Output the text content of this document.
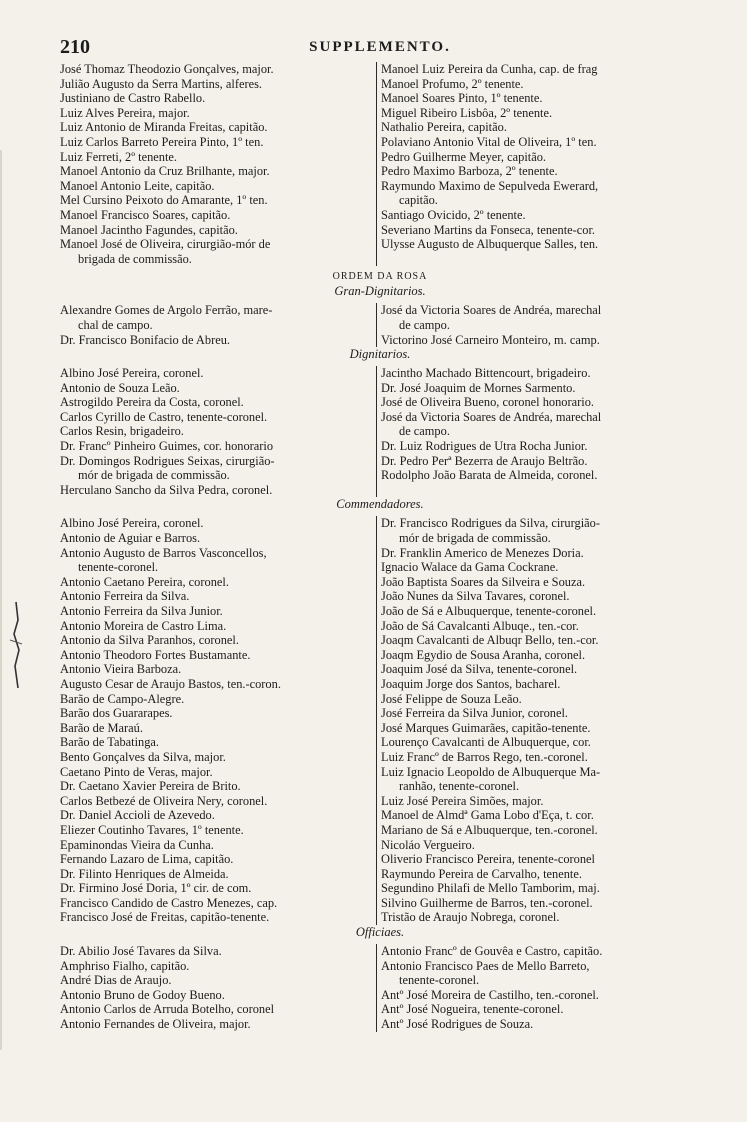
210	SUPPLEMENTO.
José Thomaz Theodozio Gonçalves, major.
Julião Augusto da Serra Martins, alferes.
Justiniano de Castro Rabello.
Luiz Alves Pereira, major.
Luiz Antonio de Miranda Freitas, capitão.
Luiz Carlos Barreto Pereira Pinto, 1º ten.
Luiz Ferreti, 2º tenente.
Manoel Antonio da Cruz Brilhante, major.
Manoel Antonio Leite, capitão.
Mel Cursino Peixoto do Amarante, 1º ten.
Manoel Francisco Soares, capitão.
Manoel Jacintho Fagundes, capitão.
Manoel José de Oliveira, cirurgião-mór de
brigada de commissão.
Manoel Luiz Pereira da Cunha, cap. de frag
Manoel Profumo, 2º tenente.
Manoel Soares Pinto, 1º tenente.
Miguel Ribeiro Lisbôa, 2º tenente.
Nathalio Pereira, capitão.
Polaviano Antonio Vital de Oliveira, 1º ten.
Pedro Guilherme Meyer, capitão.
Pedro Maximo Barboza, 2º tenente.
Raymundo Maximo de Sepulveda Ewerard,
capitão.
Santiago Ovicido, 2º tenente.
Severiano Martins da Fonseca, tenente-cor.
Ulysse Augusto de Albuquerque Salles, ten.
ORDEM DA ROSA
Gran-Dignitarios.
Alexandre Gomes de Argolo Ferrão, mare-
chal de campo.
Dr. Francisco Bonifacio de Abreu.
José da Victoria Soares de Andréa, marechal
de campo.
Victorino José Carneiro Monteiro, m. camp.
Dignitarios.
Albino José Pereira, coronel.
Antonio de Souza Leão.
Astrogildo Pereira da Costa, coronel.
Carlos Cyrillo de Castro, tenente-coronel.
Carlos Resin, brigadeiro.
Dr. Francº Pinheiro Guimes, cor. honorario
Dr. Domingos Rodrigues Seixas, cirurgião-
mór de brigada de commissão.
Herculano Sancho da Silva Pedra, coronel.
Jacintho Machado Bittencourt, brigadeiro.
Dr. José Joaquim de Mornes Sarmento.
José de Oliveira Bueno, coronel honorario.
José da Victoria Soares de Andréa, marechal
de campo.
Dr. Luiz Rodrigues de Utra Rocha Junior.
Dr. Pedro Perª Bezerra de Araujo Beltrão.
Rodolpho João Barata de Almeida, coronel.
Commendadores.
Albino José Pereira, coronel.
Antonio de Aguiar e Barros.
Antonio Augusto de Barros Vasconcellos,
tenente-coronel.
Antonio Caetano Pereira, coronel.
Antonio Ferreira da Silva.
Antonio Ferreira da Silva Junior.
Antonio Moreira de Castro Lima.
Antonio da Silva Paranhos, coronel.
Antonio Theodoro Fortes Bustamante.
Antonio Vieira Barboza.
Augusto Cesar de Araujo Bastos, ten.-coron.
Barão de Campo-Alegre.
Barão dos Guararapes.
Barão de Maraú.
Barão de Tabatinga.
Bento Gonçalves da Silva, major.
Caetano Pinto de Veras, major.
Dr. Caetano Xavier Pereira de Brito.
Carlos Betbezé de Oliveira Nery, coronel.
Dr. Daniel Accioli de Azevedo.
Eliezer Coutinho Tavares, 1º tenente.
Epaminondas Vieira da Cunha.
Fernando Lazaro de Lima, capitão.
Dr. Filinto Henriques de Almeida.
Dr. Firmino José Doria, 1º cir. de com.
Francisco Candido de Castro Menezes, cap.
Francisco José de Freitas, capitão-tenente.
Dr. Francisco Rodrigues da Silva, cirurgião-
mór de brigada de commissão.
Dr. Franklin Americo de Menezes Doria.
Ignacio Walace da Gama Cockrane.
João Baptista Soares da Silveira e Souza.
João Nunes da Silva Tavares, coronel.
João de Sá e Albuquerque, tenente-coronel.
João de Sá Cavalcanti Albuqe., ten.-cor.
Joaqm Cavalcanti de Albuqr Bello, ten.-cor.
Joaqm Egydio de Sousa Aranha, coronel.
Joaquim José da Silva, tenente-coronel.
Joaquim Jorge dos Santos, bacharel.
José Felippe de Souza Leão.
José Ferreira da Silva Junior, coronel.
José Marques Guimarães, capitão-tenente.
Lourenço Cavalcanti de Albuquerque, cor.
Luiz Francº de Barros Rego, ten.-coronel.
Luiz Ignacio Leopoldo de Albuquerque Ma-
ranhão, tenente-coronel.
Luiz José Pereira Simões, major.
Manoel de Almdª Gama Lobo d'Eça, t. cor.
Mariano de Sá e Albuquerque, ten.-coronel.
Nicoláo Vergueiro.
Oliverio Francisco Pereira, tenente-coronel
Raymundo Pereira de Carvalho, tenente.
Segundino Philafi de Mello Tamborim, maj.
Silvino Guilherme de Barros, ten.-coronel.
Tristão de Araujo Nobrega, coronel.
Officiaes.
Dr. Abilio José Tavares da Silva.
Amphriso Fialho, capitão.
André Dias de Araujo.
Antonio Bruno de Godoy Bueno.
Antonio Carlos de Arruda Botelho, coronel
Antonio Fernandes de Oliveira, major.
Antonio Francº de Gouvêa e Castro, capitão.
Antonio Francisco Paes de Mello Barreto,
tenente-coronel.
Antº José Moreira de Castilho, ten.-coronel.
Antº José Nogueira, tenente-coronel.
Antº José Rodrigues de Souza.
